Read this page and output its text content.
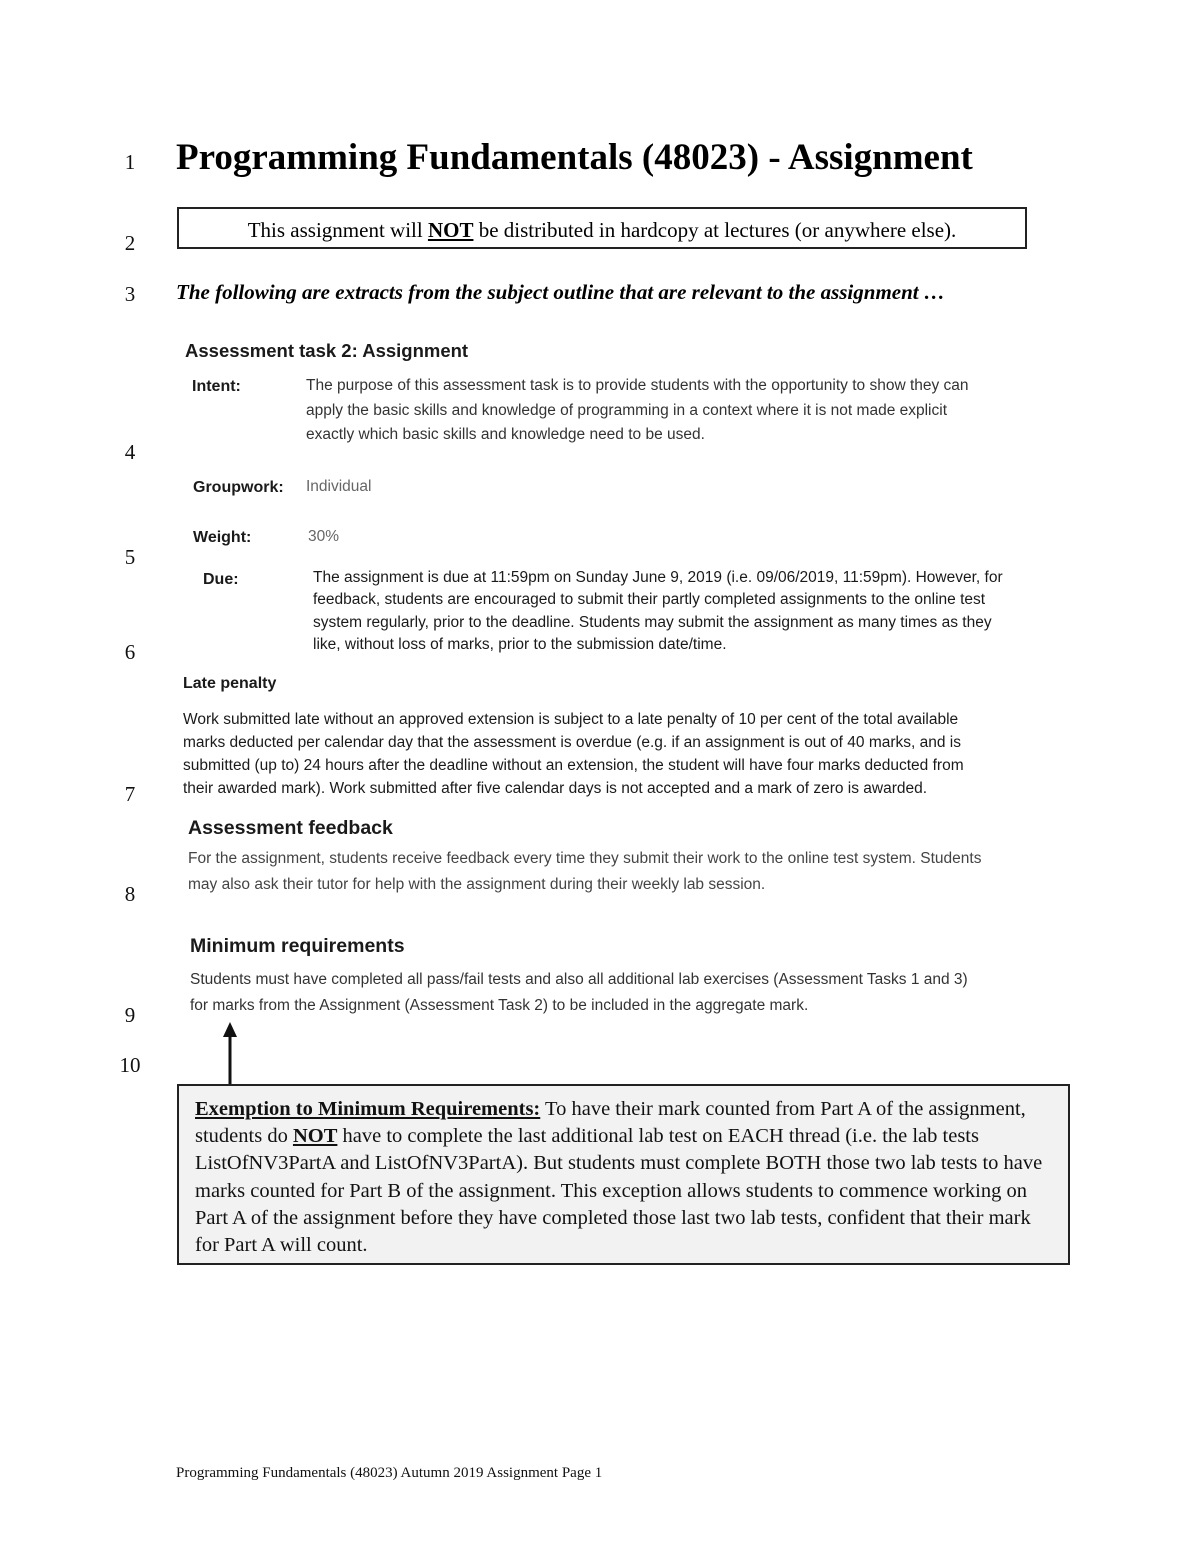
1
2
3
4
5
6
7
8
9
10
Programming Fundamentals (48023) - Assignment
This assignment will NOT be distributed in hardcopy at lectures (or anywhere else).
The following are extracts from the subject outline that are relevant to the assignment …
Assessment task 2: Assignment
Intent:	The purpose of this assessment task is to provide students with the opportunity to show they can
apply the basic skills and knowledge of programming in a context where it is not made explicit
exactly which basic skills and knowledge need to be used.
Groupwork: Individual
Weight:	30%
Due:	The assignment is due at 11:59pm on Sunday June 9, 2019 (i.e. 09/06/2019, 11:59pm). However, for
feedback, students are encouraged to submit their partly completed assignments to the online test
system regularly, prior to the deadline. Students may submit the assignment as many times as they
like, without loss of marks, prior to the submission date/time.
Late penalty
Work submitted late without an approved extension is subject to a late penalty of 10 per cent of the total available
marks deducted per calendar day that the assessment is overdue (e.g. if an assignment is out of 40 marks, and is
submitted (up to) 24 hours after the deadline without an extension, the student will have four marks deducted from
their awarded mark). Work submitted after five calendar days is not accepted and a mark of zero is awarded.
Assessment feedback
For the assignment, students receive feedback every time they submit their work to the online test system. Students
may also ask their tutor for help with the assignment during their weekly lab session.
Minimum requirements
Students must have completed all pass/fail tests and also all additional lab exercises (Assessment Tasks 1 and 3)
for marks from the Assignment (Assessment Task 2) to be included in the aggregate mark.
Exemption to Minimum Requirements: To have their mark counted from Part A of the assignment, students do NOT have to complete the last additional lab test on EACH thread (i.e. the lab tests ListOfNV3PartA and ListOfNV3PartA). But students must complete BOTH those two lab tests to have marks counted for Part B of the assignment. This exception allows students to commence working on Part A of the assignment before they have completed those last two lab tests, confident that their mark for Part A will count.
Programming Fundamentals (48023) Autumn 2019 Assignment Page 1
